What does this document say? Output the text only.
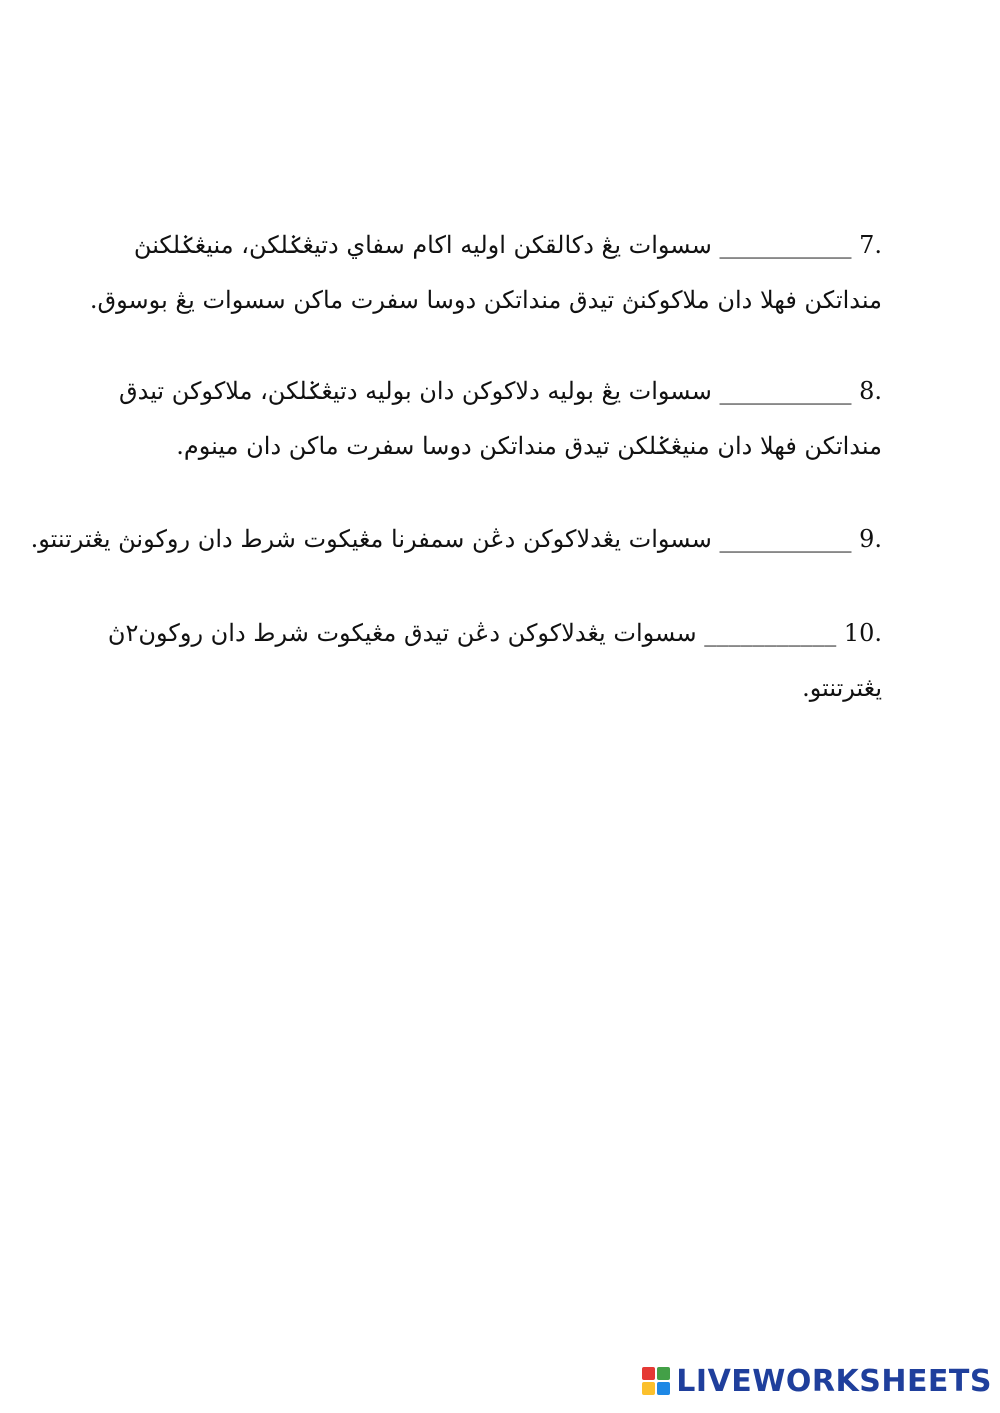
7. ___________ سسوات يڠ دكالقكن اوليه اكام سفاي دتيڠݢلكن، منيڠݢلكنڽ
منداتكن فهلا دان ملاكوكنڽ تيدق منداتكن دوسا سفرت ماكن سسوات يڠ بوسوق.
8. ___________ سسوات يڠ بوليه دلاكوكن دان بوليه دتيڠݢلكن، ملاكوكن تيدق
منداتكن فهلا دان منيڠݢلكن تيدق منداتكن دوسا سفرت ماكن دان مينوم.
9. ___________ سسوات يڠدلاكوكن دڠن سمفرنا مڠيكوت شرط دان روكونڽ يڠترتنتو.
10. ___________ سسوات يڠدلاكوكن دڠن تيدق مڠيكوت شرط دان روكون٢ڽ
يڠترتنتو.
LIVEWORKSHEETS
